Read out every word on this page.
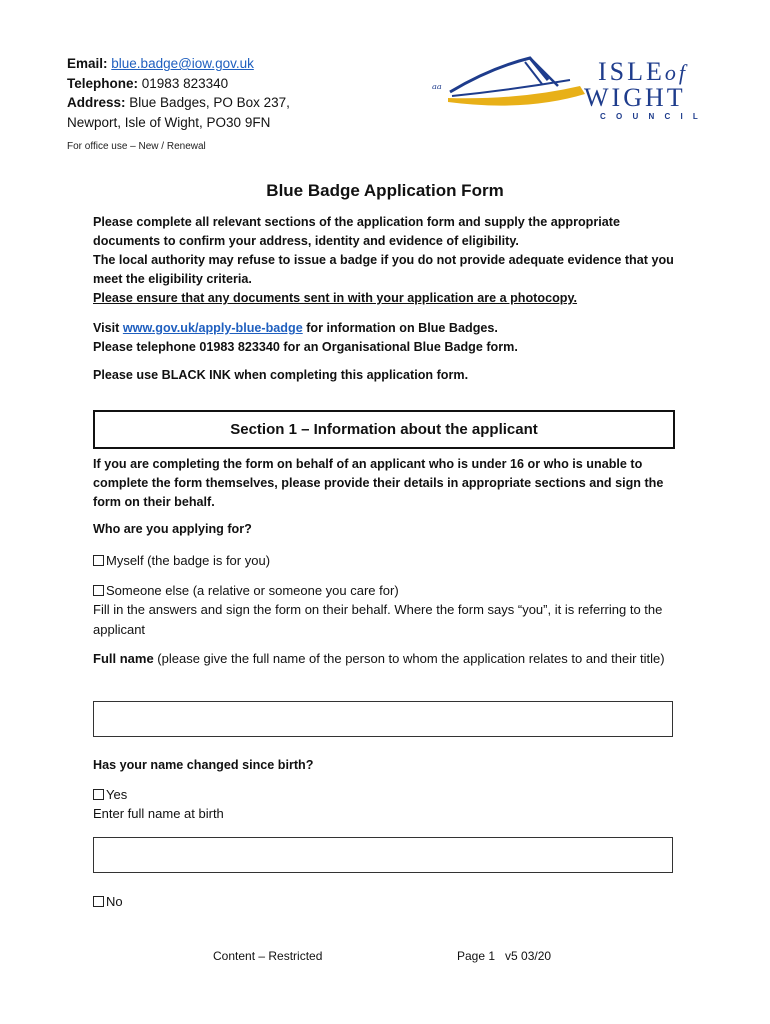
Email: blue.badge@iow.gov.uk
Telephone: 01983 823340
Address: Blue Badges, PO Box 237,
Newport, Isle of Wight, PO30 9FN
For office use – New / Renewal
ᵃᵃ
ISLEof
WIGHT
C O U N C I L
Blue Badge Application Form
Please complete all relevant sections of the application form and supply the appropriate documents to confirm your address, identity and evidence of eligibility.
The local authority may refuse to issue a badge if you do not provide adequate evidence that you meet the eligibility criteria.
Please ensure that any documents sent in with your application are a photocopy.
Visit www.gov.uk/apply-blue-badge for information on Blue Badges.
Please telephone 01983 823340 for an Organisational Blue Badge form.
Please use BLACK INK when completing this application form.
Section 1 – Information about the applicant
If you are completing the form on behalf of an applicant who is under 16 or who is unable to complete the form themselves, please provide their details in appropriate sections and sign the form on their behalf.
Who are you applying for?
Myself (the badge is for you)
Someone else (a relative or someone you care for)
Fill in the answers and sign the form on their behalf. Where the form says “you”, it is referring to the applicant
Full name (please give the full name of the person to whom the application relates to and their title)
Has your name changed since birth?
Yes
Enter full name at birth
No
Content – Restricted	Page 1   v5 03/20
